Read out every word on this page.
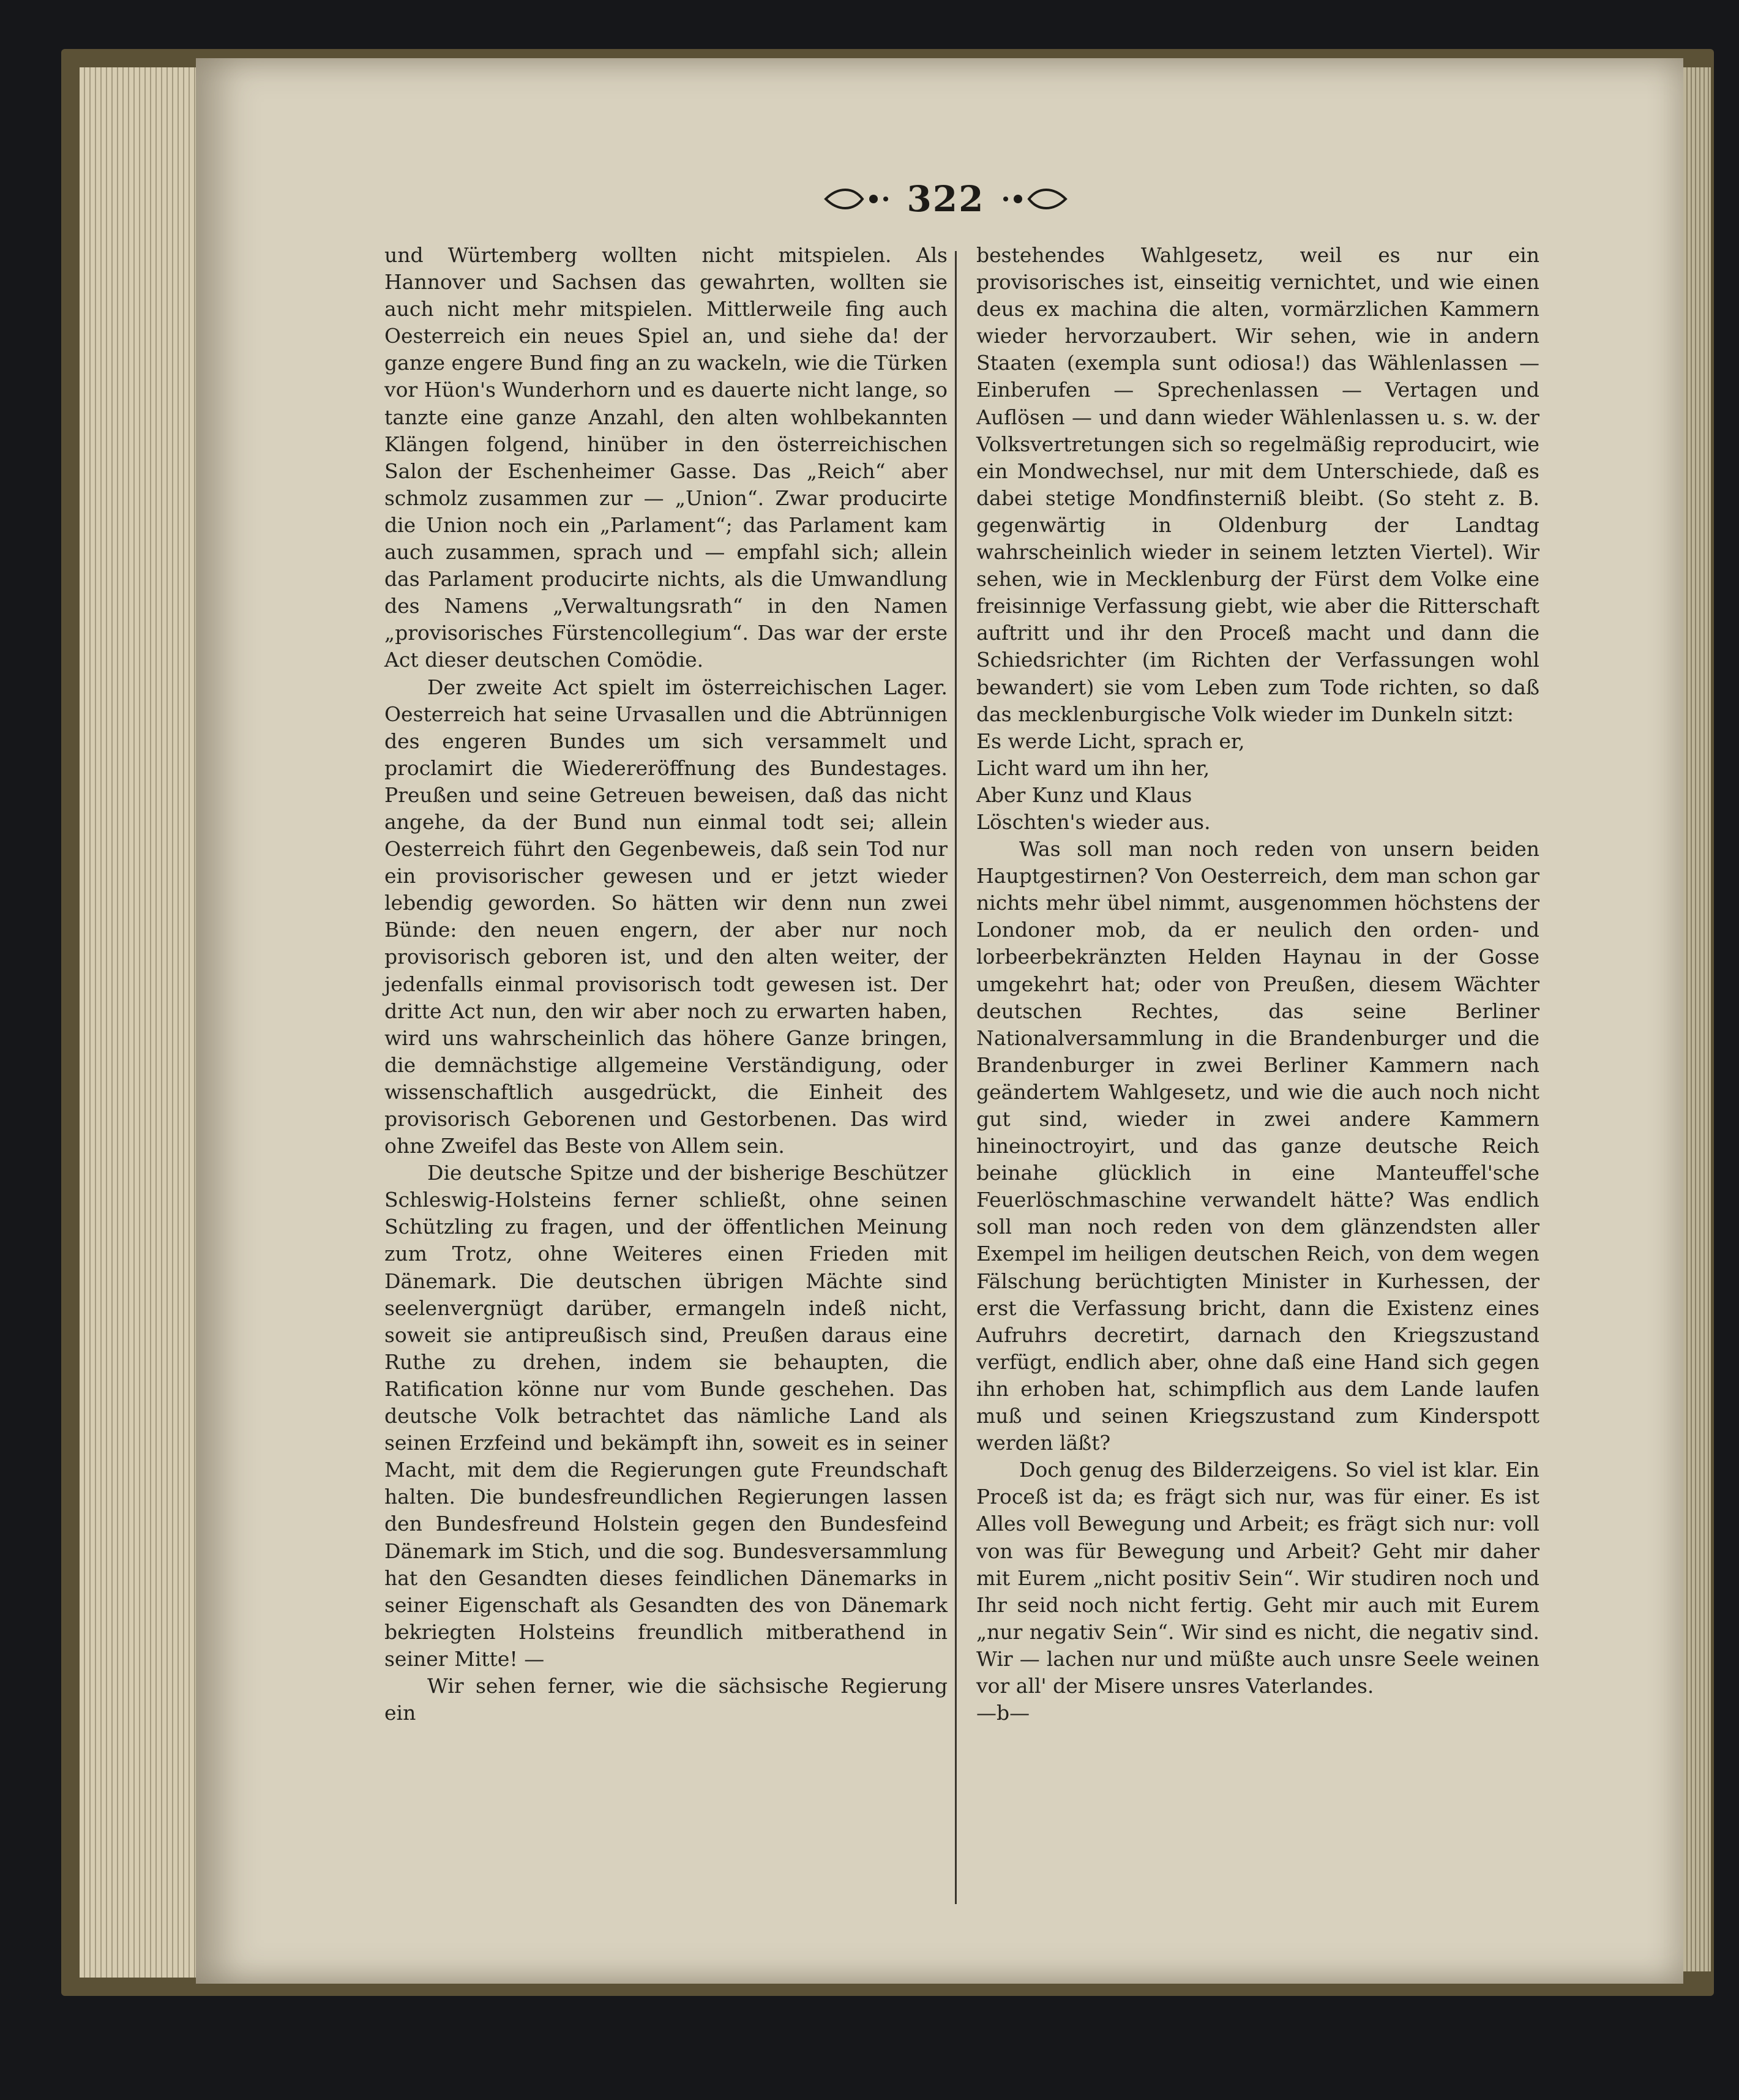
322

und Würtemberg wollten nicht mitspielen. Als Hannover und Sachsen das gewahrten, wollten sie auch nicht mehr mitspielen. Mittlerweile fing auch Oesterreich ein neues Spiel an, und siehe da! der ganze engere Bund fing an zu wackeln, wie die Türken vor Hüon's Wunderhorn und es dauerte nicht lange, so tanzte eine ganze Anzahl, den alten wohlbekannten Klängen folgend, hinüber in den österreichischen Salon der Eschenheimer Gasse. Das „Reich“ aber schmolz zusammen zur — „Union“. Zwar producirte die Union noch ein „Parlament“; das Parlament kam auch zusammen, sprach und — empfahl sich; allein das Parlament producirte nichts, als die Umwandlung des Namens „Verwaltungsrath“ in den Namen „provisorisches Fürstencollegium“. Das war der erste Act dieser deutschen Comödie.

Der zweite Act spielt im österreichischen Lager. Oesterreich hat seine Urvasallen und die Abtrünnigen des engeren Bundes um sich versammelt und proclamirt die Wiedereröffnung des Bundestages. Preußen und seine Getreuen beweisen, daß das nicht angehe, da der Bund nun einmal todt sei; allein Oesterreich führt den Gegenbeweis, daß sein Tod nur ein provisorischer gewesen und er jetzt wieder lebendig geworden. So hätten wir denn nun zwei Bünde: den neuen engern, der aber nur noch provisorisch geboren ist, und den alten weiter, der jedenfalls einmal provisorisch todt gewesen ist. Der dritte Act nun, den wir aber noch zu erwarten haben, wird uns wahrscheinlich das höhere Ganze bringen, die demnächstige allgemeine Verständigung, oder wissenschaftlich ausgedrückt, die Einheit des provisorisch Geborenen und Gestorbenen. Das wird ohne Zweifel das Beste von Allem sein.

Die deutsche Spitze und der bisherige Beschützer Schleswig-Holsteins ferner schließt, ohne seinen Schützling zu fragen, und der öffentlichen Meinung zum Trotz, ohne Weiteres einen Frieden mit Dänemark. Die deutschen übrigen Mächte sind seelenvergnügt darüber, ermangeln indeß nicht, soweit sie antipreußisch sind, Preußen daraus eine Ruthe zu drehen, indem sie behaupten, die Ratification könne nur vom Bunde geschehen. Das deutsche Volk betrachtet das nämliche Land als seinen Erzfeind und bekämpft ihn, soweit es in seiner Macht, mit dem die Regierungen gute Freundschaft halten. Die bundesfreundlichen Regierungen lassen den Bundesfreund Holstein gegen den Bundesfeind Dänemark im Stich, und die sog. Bundesversammlung hat den Gesandten dieses feindlichen Dänemarks in seiner Eigenschaft als Gesandten des von Dänemark bekriegten Holsteins freundlich mitberathend in seiner Mitte! —

Wir sehen ferner, wie die sächsische Regierung ein

bestehendes Wahlgesetz, weil es nur ein provisorisches ist, einseitig vernichtet, und wie einen deus ex machina die alten, vormärzlichen Kammern wieder hervorzaubert. Wir sehen, wie in andern Staaten (exempla sunt odiosa!) das Wählenlassen — Einberufen — Sprechenlassen — Vertagen und Auflösen — und dann wieder Wählenlassen u. s. w. der Volksvertretungen sich so regelmäßig reproducirt, wie ein Mondwechsel, nur mit dem Unterschiede, daß es dabei stetige Mondfinsterniß bleibt. (So steht z. B. gegenwärtig in Oldenburg der Landtag wahrscheinlich wieder in seinem letzten Viertel). Wir sehen, wie in Mecklenburg der Fürst dem Volke eine freisinnige Verfassung giebt, wie aber die Ritterschaft auftritt und ihr den Proceß macht und dann die Schiedsrichter (im Richten der Verfassungen wohl bewandert) sie vom Leben zum Tode richten, so daß das mecklenburgische Volk wieder im Dunkeln sitzt:

Es werde Licht, sprach er,

Licht ward um ihn her,

Aber Kunz und Klaus

Löschten's wieder aus.

Was soll man noch reden von unsern beiden Hauptgestirnen? Von Oesterreich, dem man schon gar nichts mehr übel nimmt, ausgenommen höchstens der Londoner mob, da er neulich den orden- und lorbeerbekränzten Helden Haynau in der Gosse umgekehrt hat; oder von Preußen, diesem Wächter deutschen Rechtes, das seine Berliner Nationalversammlung in die Brandenburger und die Brandenburger in zwei Berliner Kammern nach geändertem Wahlgesetz, und wie die auch noch nicht gut sind, wieder in zwei andere Kammern hineinoctroyirt, und das ganze deutsche Reich beinahe glücklich in eine Manteuffel'sche Feuerlöschmaschine verwandelt hätte? Was endlich soll man noch reden von dem glänzendsten aller Exempel im heiligen deutschen Reich, von dem wegen Fälschung berüchtigten Minister in Kurhessen, der erst die Verfassung bricht, dann die Existenz eines Aufruhrs decretirt, darnach den Kriegszustand verfügt, endlich aber, ohne daß eine Hand sich gegen ihn erhoben hat, schimpflich aus dem Lande laufen muß und seinen Kriegszustand zum Kinderspott werden läßt?

Doch genug des Bilderzeigens. So viel ist klar. Ein Proceß ist da; es frägt sich nur, was für einer. Es ist Alles voll Bewegung und Arbeit; es frägt sich nur: voll von was für Bewegung und Arbeit? Geht mir daher mit Eurem „nicht positiv Sein“. Wir studiren noch und Ihr seid noch nicht fertig. Geht mir auch mit Eurem „nur negativ Sein“. Wir sind es nicht, die negativ sind. Wir — lachen nur und müßte auch unsre Seele weinen vor all' der Misere unsres Vaterlandes.

—b—
